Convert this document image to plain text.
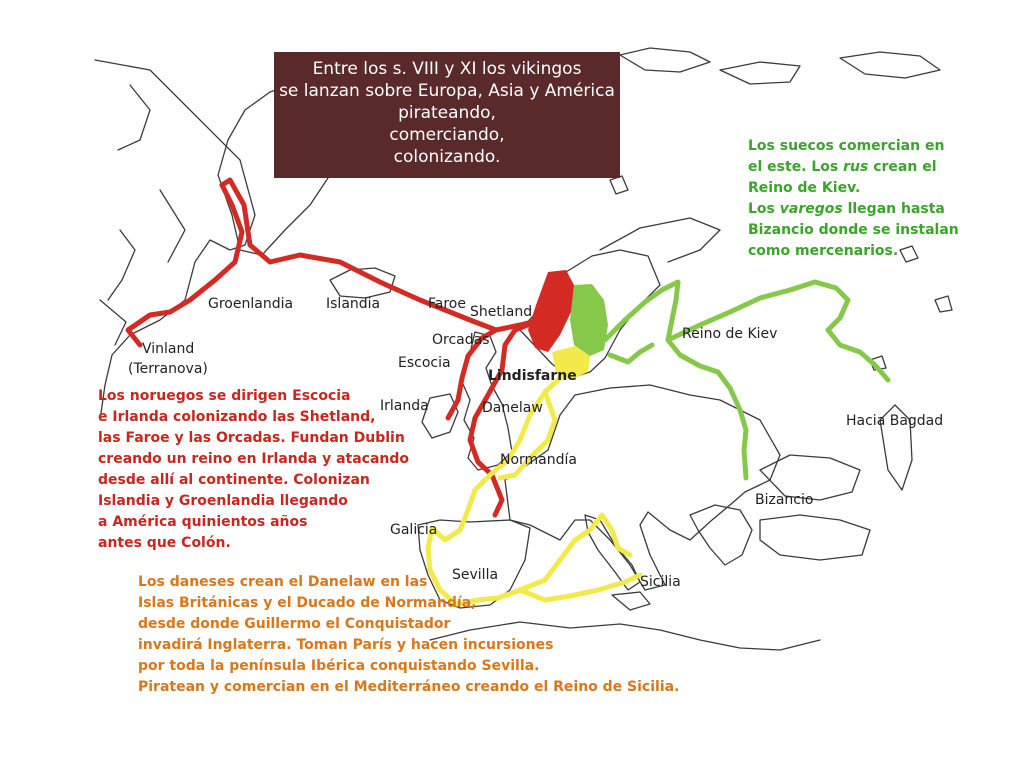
Entre los s. VIII y XI los vikingos
se lanzan sobre Europa, Asia y América
pirateando,
comerciando,
colonizando.

Los suecos comercian en

el este. Los rus crean el

Reino de Kiev.

Los varegos llegan hasta

Bizancio donde se instalan

como mercenarios.

Los noruegos se dirigen Escocia

e Irlanda colonizando las Shetland,

las Faroe y las Orcadas. Fundan Dublin

creando un reino en Irlanda y atacando

desde allí al continente. Colonizan

Islandia y Groenlandia llegando

a América quinientos años

antes que Colón.

Los daneses crean el Danelaw en las

Islas Británicas y el Ducado de Normandía,

desde donde Guillermo el Conquistador

invadirá Inglaterra. Toman París y hacen incursiones

por toda la península Ibérica conquistando Sevilla.

Piratean y comercian en el Mediterráneo creando el Reino de Sicilia.

Groenlandia Islandia	Faroe Shetland
Orcadas
Escocia
Vinland
(Terranova)	Lindisfarne
Irlanda	Danelaw
Normandía
Reino de Kiev
Hacia Bagdad
Bizancio
Galicia
Sevilla	Sicilia
